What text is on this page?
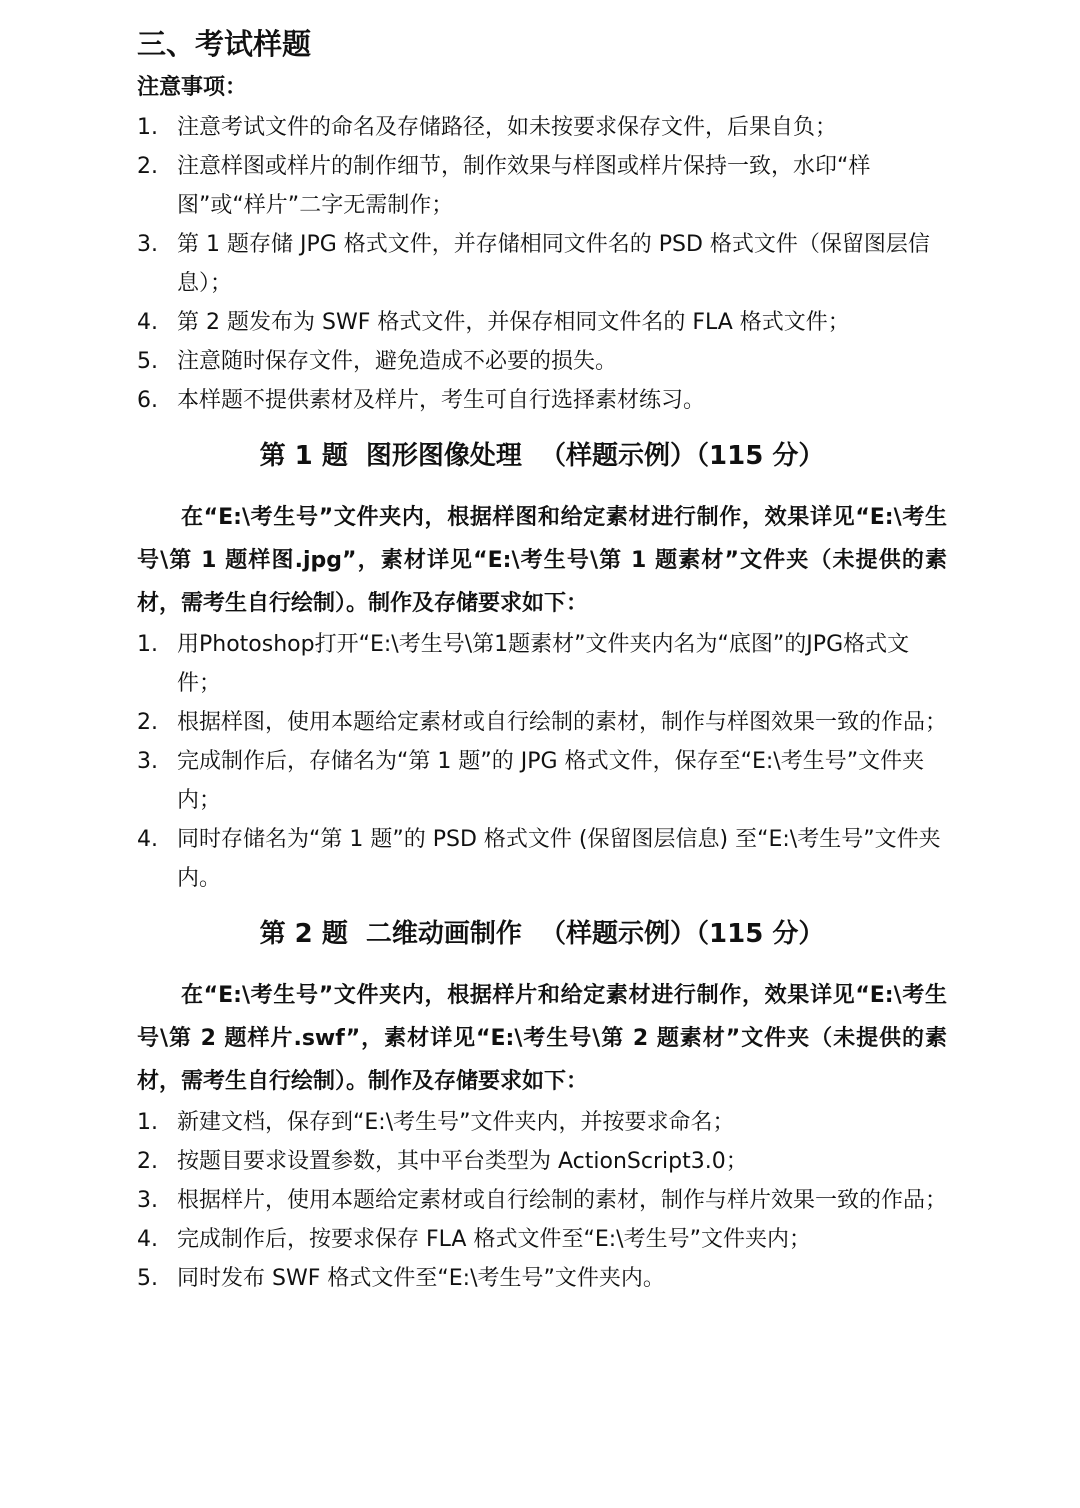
三、考试样题
注意事项：
1. 注意考试文件的命名及存储路径，如未按要求保存文件，后果自负；
2. 注意样图或样片的制作细节，制作效果与样图或样片保持一致，水印“样图”或“样片”二字无需制作；
3. 第 1 题存储 JPG 格式文件，并存储相同文件名的 PSD 格式文件（保留图层信息）；
4. 第 2 题发布为 SWF 格式文件，并保存相同文件名的 FLA 格式文件；
5. 注意随时保存文件，避免造成不必要的损失。
6. 本样题不提供素材及样片，考生可自行选择素材练习。
第 1 题  图形图像处理  （样题示例）（115 分）

在“E:\考生号”文件夹内，根据样图和给定素材进行制作，效果详见“E:\考生号\第 1 题样图.jpg”，素材详见“E:\考生号\第 1 题素材”文件夹（未提供的素材，需考生自行绘制）。制作及存储要求如下：

1. 用Photoshop打开“E:\考生号\第1题素材”文件夹内名为“底图”的JPG格式文件；
2. 根据样图，使用本题给定素材或自行绘制的素材，制作与样图效果一致的作品；
3. 完成制作后，存储名为“第 1 题”的 JPG 格式文件，保存至“E:\考生号”文件夹内；
4. 同时存储名为“第 1 题”的 PSD 格式文件 (保留图层信息) 至“E:\考生号”文件夹内。
第 2 题  二维动画制作  （样题示例）（115 分）

在“E:\考生号”文件夹内，根据样片和给定素材进行制作，效果详见“E:\考生号\第 2 题样片.swf”，素材详见“E:\考生号\第 2 题素材”文件夹（未提供的素材，需考生自行绘制）。制作及存储要求如下：

1. 新建文档，保存到“E:\考生号”文件夹内，并按要求命名；
2. 按题目要求设置参数，其中平台类型为 ActionScript3.0；
3. 根据样片，使用本题给定素材或自行绘制的素材，制作与样片效果一致的作品；
4. 完成制作后，按要求保存 FLA 格式文件至“E:\考生号”文件夹内；
5. 同时发布 SWF 格式文件至“E:\考生号”文件夹内。
